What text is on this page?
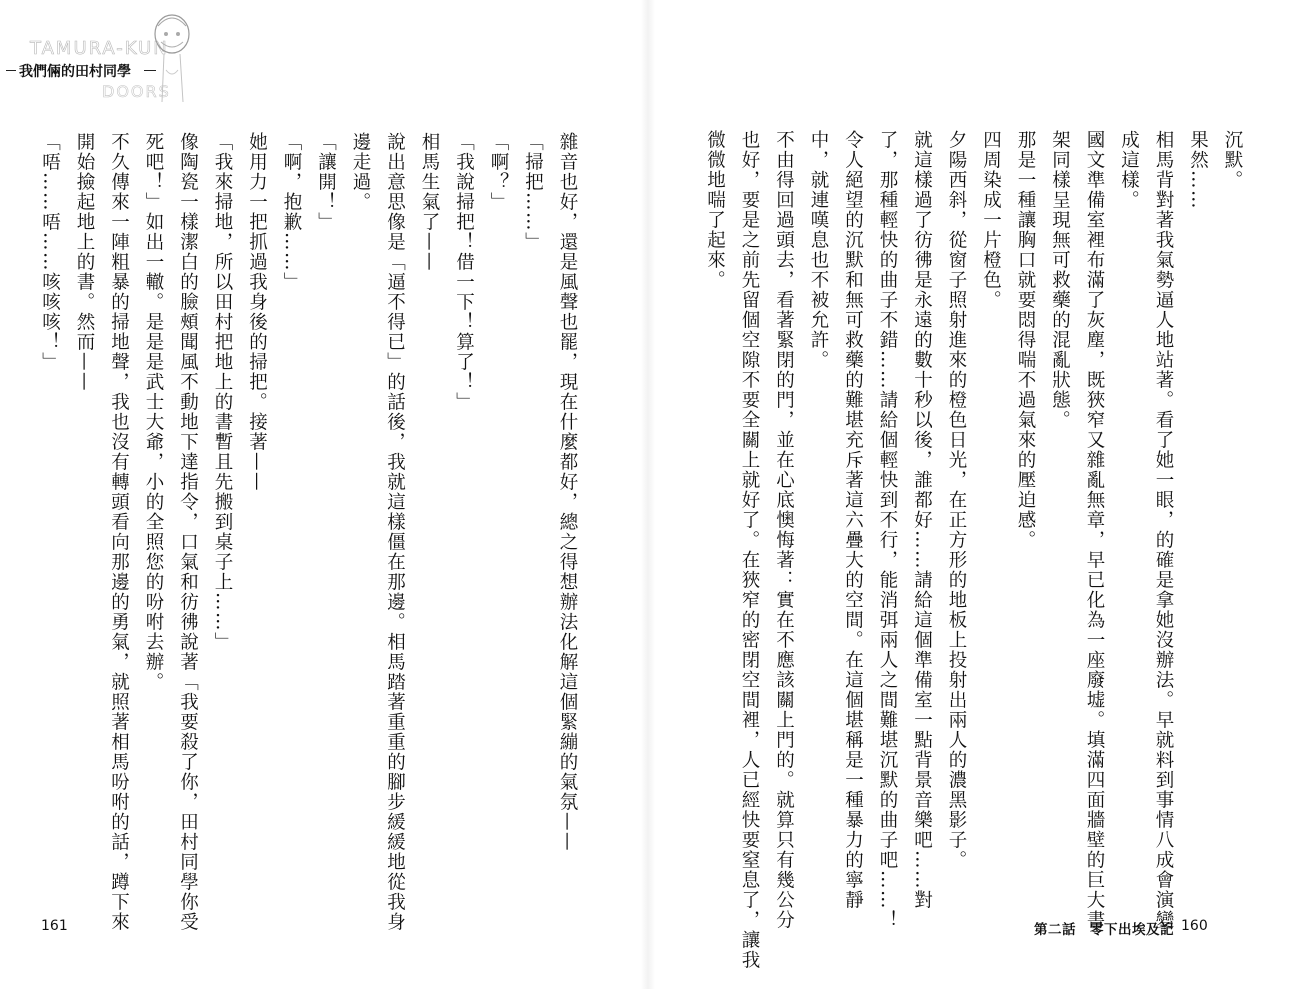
TAMURA-KUN
DOORS
我們倆的田村同學

沉默。

果然……

相馬背對著我氣勢逼人地站著。看了她一眼，的確是拿她沒辦法。早就料到事情八成會演變

成這樣。

國文準備室裡布滿了灰塵，既狹窄又雜亂無章，早已化為一座廢墟。填滿四面牆壁的巨大書

架同樣呈現無可救藥的混亂狀態。

那是一種讓胸口就要悶得喘不過氣來的壓迫感。

四周染成一片橙色。

夕陽西斜，從窗子照射進來的橙色日光，在正方形的地板上投射出兩人的濃黑影子。

就這樣過了彷彿是永遠的數十秒以後，誰都好……請給這個準備室一點背景音樂吧……對

了，那種輕快的曲子不錯……請給個輕快到不行，能消弭兩人之間難堪沉默的曲子吧……！

令人絕望的沉默和無可救藥的難堪充斥著這六疊大的空間。在這個堪稱是一種暴力的寧靜

中，就連嘆息也不被允許。

不由得回過頭去，看著緊閉的門，並在心底懊悔著：實在不應該關上門的。就算只有幾公分

也好，要是之前先留個空隙不要全關上就好了。在狹窄的密閉空間裡，人已經快要窒息了，讓我

微微地喘了起來。

雜音也好，還是風聲也罷，現在什麼都好，總之得想辦法化解這個緊繃的氣氛——

「掃把……」

「啊？」

「我說掃把！借一下！算了！」

相馬生氣了——

說出意思像是「逼不得已」的話後，我就這樣僵在那邊。相馬踏著重重的腳步緩緩地從我身

邊走過。

「讓開！」

「啊，抱歉……」

她用力一把抓過我身後的掃把。接著——

「我來掃地，所以田村把地上的書暫且先搬到桌子上……」

像陶瓷一樣潔白的臉頰聞風不動地下達指令，口氣和彷彿說著「我要殺了你，田村同學你受

死吧！」如出一轍。是是是武士大爺，小的全照您的吩咐去辦。

不久傳來一陣粗暴的掃地聲，我也沒有轉頭看向那邊的勇氣，就照著相馬吩咐的話，蹲下來

開始撿起地上的書。然而——

「唔……唔……咳咳咳！」

161	第二話　零下出埃及記 160
